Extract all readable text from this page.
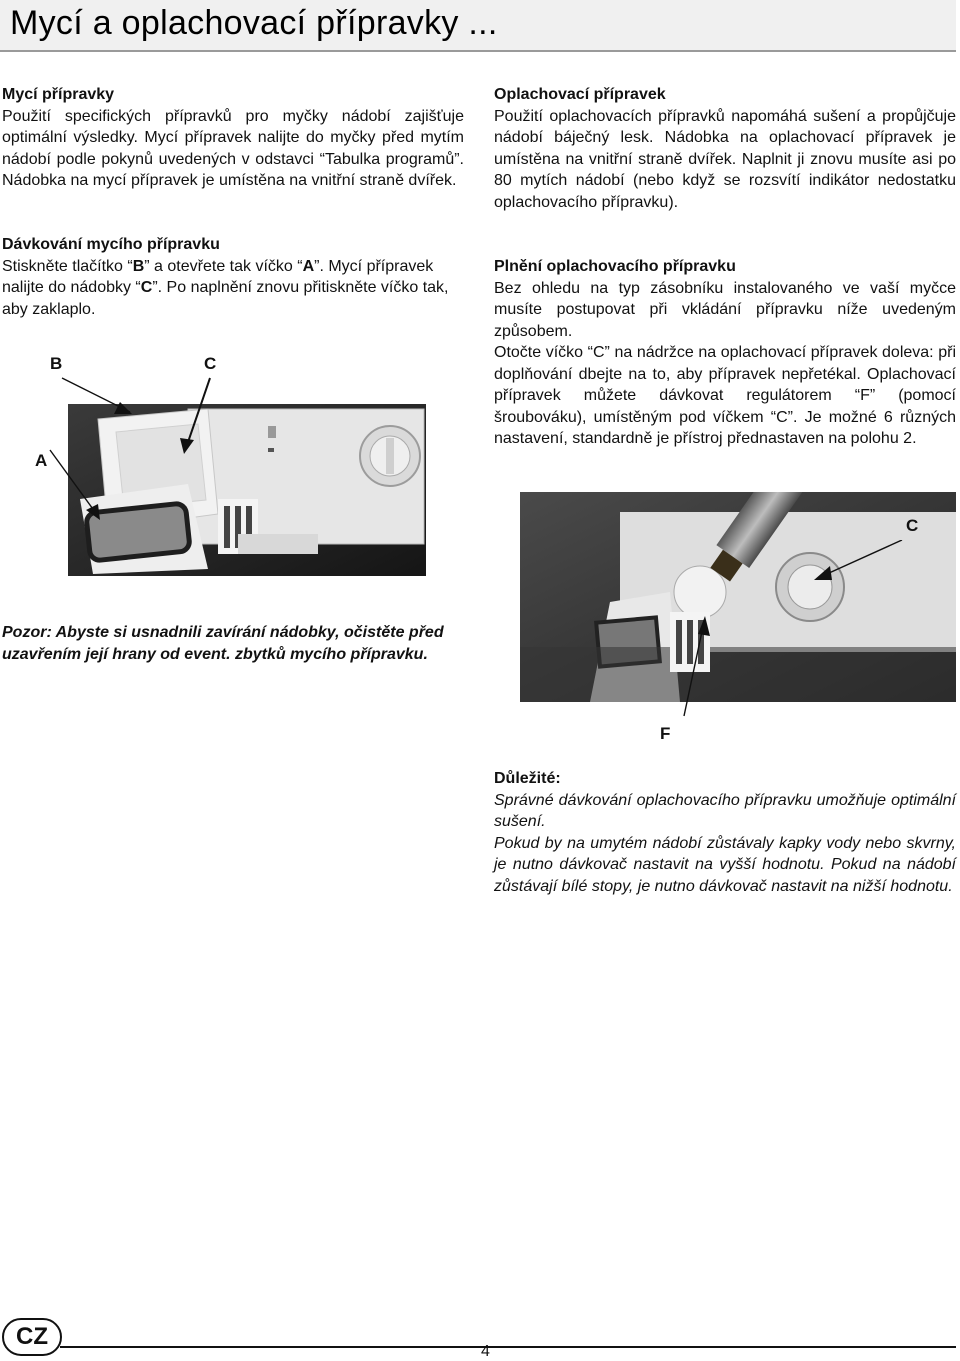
Mycí a oplachovací přípravky ...
Mycí přípravky

Použití specifických přípravků pro myčky nádobí zajišťuje optimální výsledky. Mycí přípravek nalijte do myčky před mytím nádobí podle pokynů uvedených v odstavci “Tabulka programů”. Nádobka na mycí přípravek je umístěna na vnitřní straně dvířek.

Dávkování mycího přípravku

Stiskněte tlačítko “B” a otevřete tak víčko “A”. Mycí přípravek nalijte do nádobky “C”. Po naplnění znovu přitiskněte víčko tak, aby zaklaplo.

B	C
A
Pozor: Abyste si usnadnili zavírání nádobky, očistěte před uzavřením její hrany od event. zbytků mycího přípravku.
Oplachovací přípravek

Použití oplachovacích přípravků napomáhá sušení a propůjčuje nádobí báječný lesk. Nádobka na oplachovací přípravek je umístěna na vnitřní straně dvířek. Naplnit ji znovu musíte asi po 80 mytích nádobí (nebo když se rozsvítí indikátor nedostatku oplachovacího přípravku).

Plnění oplachovacího přípravku

Bez ohledu na typ zásobníku instalovaného ve vaší myčce musíte postupovat při vkládání přípravku níže uvedeným způsobem.
Otočte víčko “C” na nádržce na oplachovací přípravek doleva: při doplňování dbejte na to, aby přípravek nepřetékal. Oplachovací přípravek můžete dávkovat regulátorem “F” (pomocí šroubováku), umístěným pod víčkem “C”. Je možné 6 různých nastavení, standardně je přístroj přednastaven na polohu 2.

C
F
Důležité:

Správné dávkování oplachovacího přípravku umožňuje optimální sušení.
Pokud by na umytém nádobí zůstávaly kapky vody nebo skvrny, je nutno dávkovač nastavit na vyšší hodnotu. Pokud na nádobí zůstávají bílé stopy, je nutno dávkovač nastavit na nižší hodnotu.

CZ
4
